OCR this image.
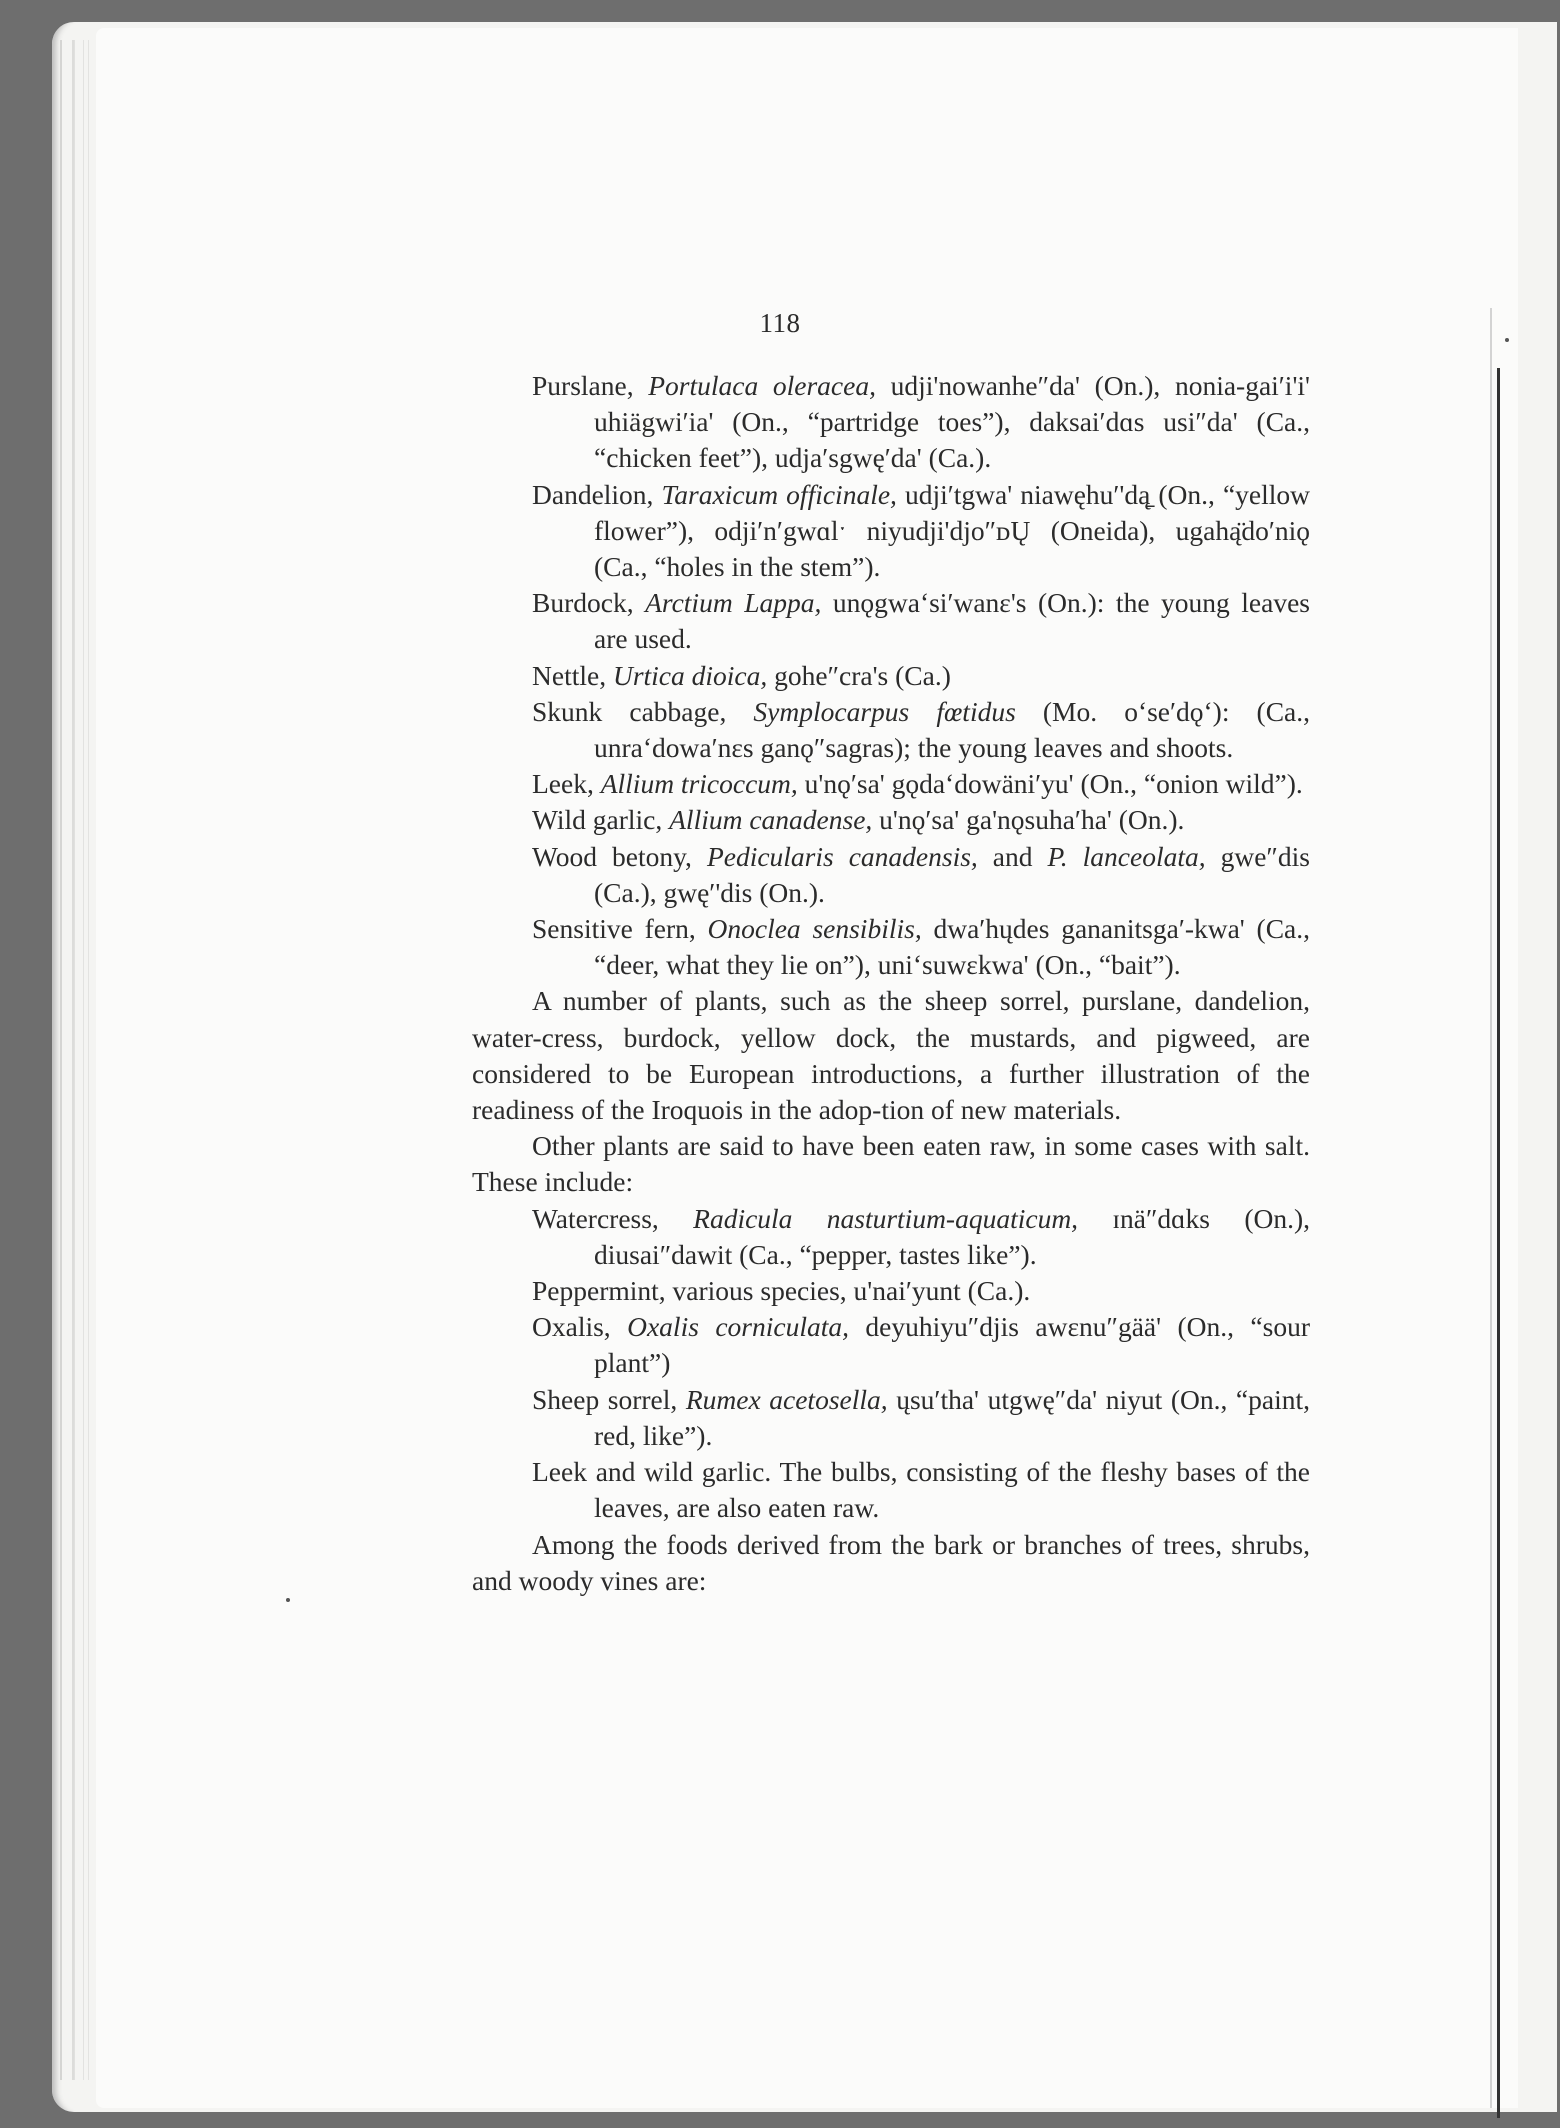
118
Purslane, Portulaca oleracea, udji'nowanhe″da' (On.), nonia-gai′i'i' uhiägwi′ia' (On., “partridge toes”), daksai′dɑs usi″da' (Ca., “chicken feet”), udja′sgwę′da' (Ca.).
Dandelion, Taraxicum officinale, udji′tgwa' niawęhu′'dą̱ (On., “yellow flower”), odji′n′gwɑlˑ niyudji'djo″ᴅŲ (Oneida), ugahą̈do′niǫ (Ca., “holes in the stem”).
Burdock, Arctium Lappa, unǫgwaʻsi′wanɛ's (On.): the young leaves are used.
Nettle, Urtica dioica, gohe″cra's (Ca.)
Skunk cabbage, Symplocarpus fœtidus (Mo. oʻse′dǫʻ): (Ca., unraʻdowa′nɛs ganǫ″sagras); the young leaves and shoots.
Leek, Allium tricoccum, u'nǫ′sa' gǫdaʻdowäni′yu' (On., “onion wild”).
Wild garlic, Allium canadense, u'nǫ′sa' ga'nǫsuha′ha' (On.).
Wood betony, Pedicularis canadensis, and P. lanceolata, gwe″dis (Ca.), gwę′'dis (On.).
Sensitive fern, Onoclea sensibilis, dwa′hųdes gananitsga′-kwa' (Ca., “deer, what they lie on”), uniʻsuwɛkwa' (On., “bait”).

A number of plants, such as the sheep sorrel, purslane, dandelion, water-cress, burdock, yellow dock, the mustards, and pigweed, are considered to be European introductions, a further illustration of the readiness of the Iroquois in the adop-tion of new materials.

Other plants are said to have been eaten raw, in some cases with salt. These include:

Watercress, Radicula nasturtium-aquaticum, ɪnä″dɑks (On.), diusai″dawit (Ca., “pepper, tastes like”).
Peppermint, various species, u'nai′yunt (Ca.).
Oxalis, Oxalis corniculata, deyuhiyu″djis awɛnu″gää' (On., “sour plant”)
Sheep sorrel, Rumex acetosella, ųsu′tha' utgwę″da' niyut (On., “paint, red, like”).
Leek and wild garlic. The bulbs, consisting of the fleshy bases of the leaves, are also eaten raw.

Among the foods derived from the bark or branches of trees, shrubs, and woody vines are:
